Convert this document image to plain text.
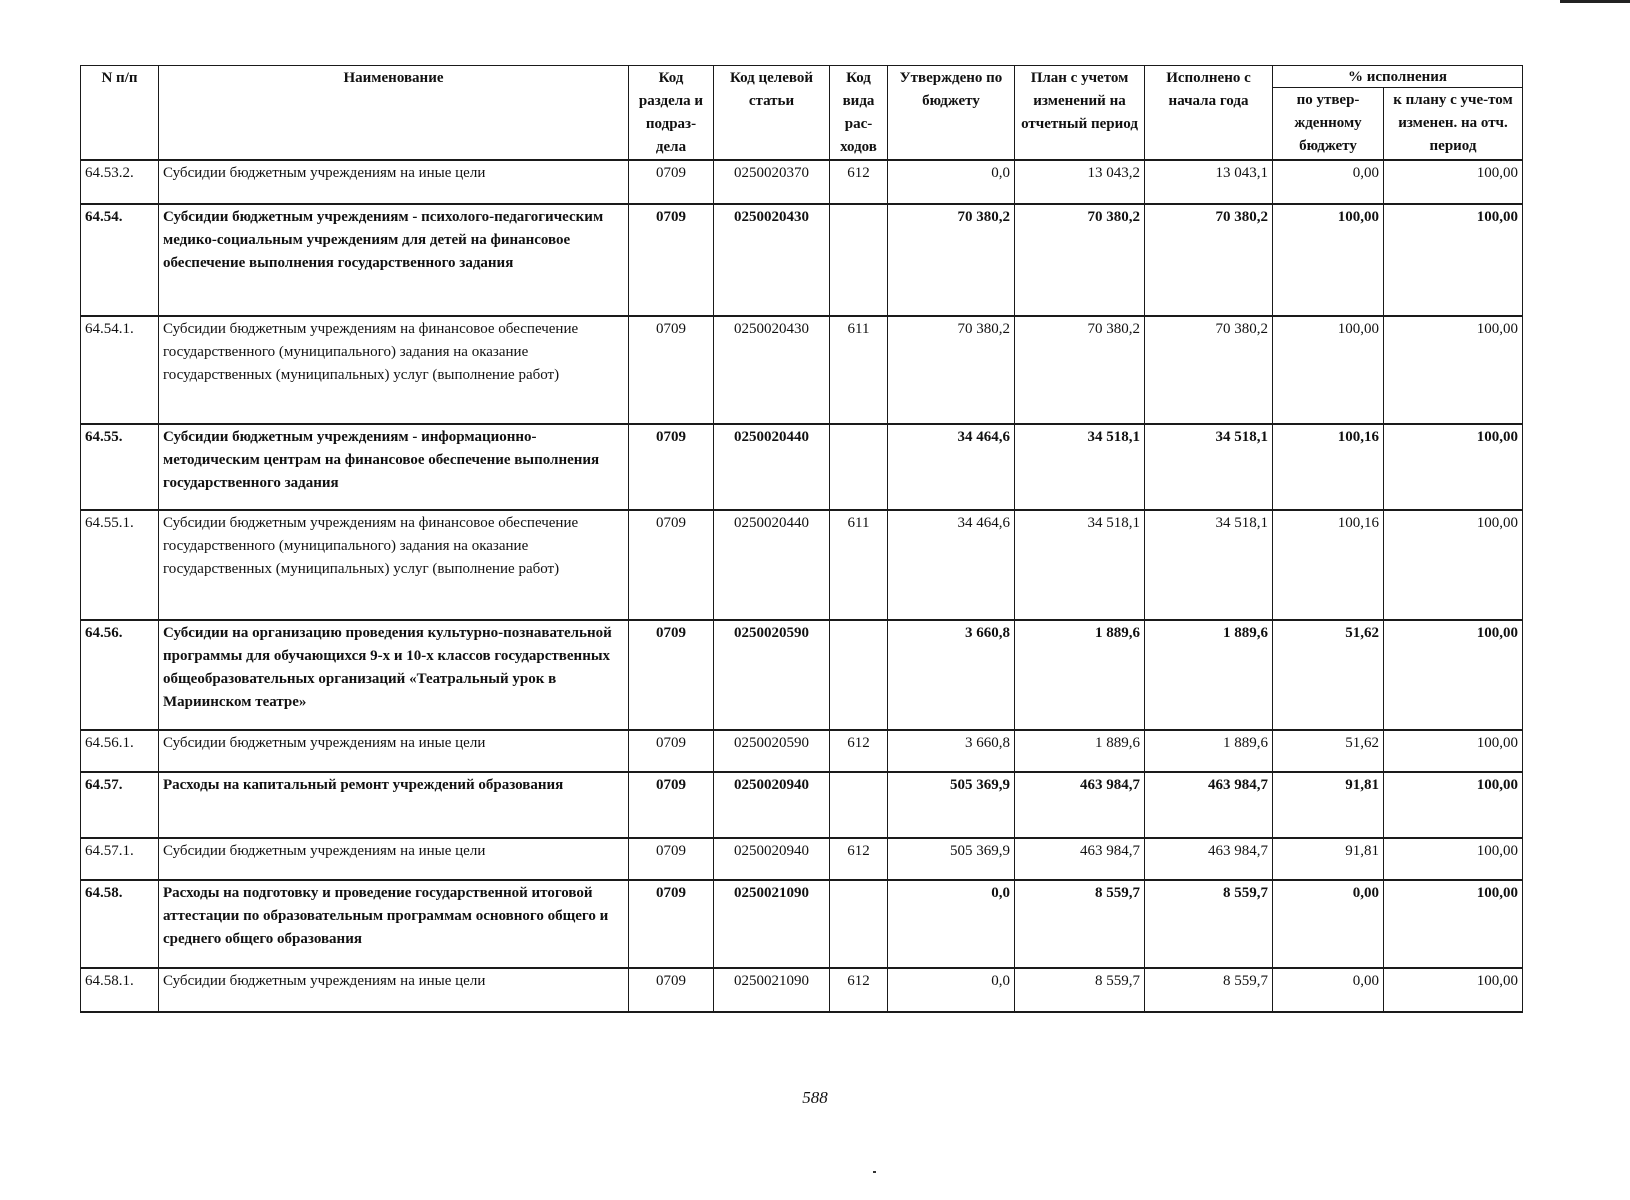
N п/п	Наименование	Код раздела и подраз-дела	Код целевой статьи	Код вида рас-ходов	Утверждено по бюджету	План с учетом изменений на отчетный период	Исполнено с начала года	% исполнения	
								по утвер-жденному бюджету	к плану с уче-том изменен. на отч. период
64.53.2.	Субсидии бюджетным учреждениям на иные цели	0709	0250020370	612	0,0	13 043,2	13 043,1	0,00	100,00
64.54.	Субсидии бюджетным учреждениям - психолого-педагогическим медико-социальным учреждениям для детей на финансовое обеспечение выполнения государственного задания	0709	0250020430		70 380,2	70 380,2	70 380,2	100,00	100,00
64.54.1.	Субсидии бюджетным учреждениям на финансовое обеспечение государственного (муниципального) задания на оказание государственных (муниципальных) услуг (выполнение работ)	0709	0250020430	611	70 380,2	70 380,2	70 380,2	100,00	100,00
64.55.	Субсидии бюджетным учреждениям - информационно-методическим центрам на финансовое обеспечение выполнения государственного задания	0709	0250020440		34 464,6	34 518,1	34 518,1	100,16	100,00
64.55.1.	Субсидии бюджетным учреждениям на финансовое обеспечение государственного (муниципального) задания на оказание государственных (муниципальных) услуг (выполнение работ)	0709	0250020440	611	34 464,6	34 518,1	34 518,1	100,16	100,00
64.56.	Субсидии на организацию проведения культурно-познавательной программы для обучающихся 9-х и 10-х классов государственных общеобразовательных организаций «Театральный урок в Мариинском театре»	0709	0250020590		3 660,8	1 889,6	1 889,6	51,62	100,00
64.56.1.	Субсидии бюджетным учреждениям на иные цели	0709	0250020590	612	3 660,8	1 889,6	1 889,6	51,62	100,00
64.57.	Расходы на капитальный ремонт учреждений образования	0709	0250020940		505 369,9	463 984,7	463 984,7	91,81	100,00
64.57.1.	Субсидии бюджетным учреждениям на иные цели	0709	0250020940	612	505 369,9	463 984,7	463 984,7	91,81	100,00
64.58.	Расходы на подготовку и проведение государственной итоговой аттестации по образовательным программам основного общего и среднего общего образования	0709	0250021090		0,0	8 559,7	8 559,7	0,00	100,00
64.58.1.	Субсидии бюджетным учреждениям на иные цели	0709	0250021090	612	0,0	8 559,7	8 559,7	0,00	100,00
588
